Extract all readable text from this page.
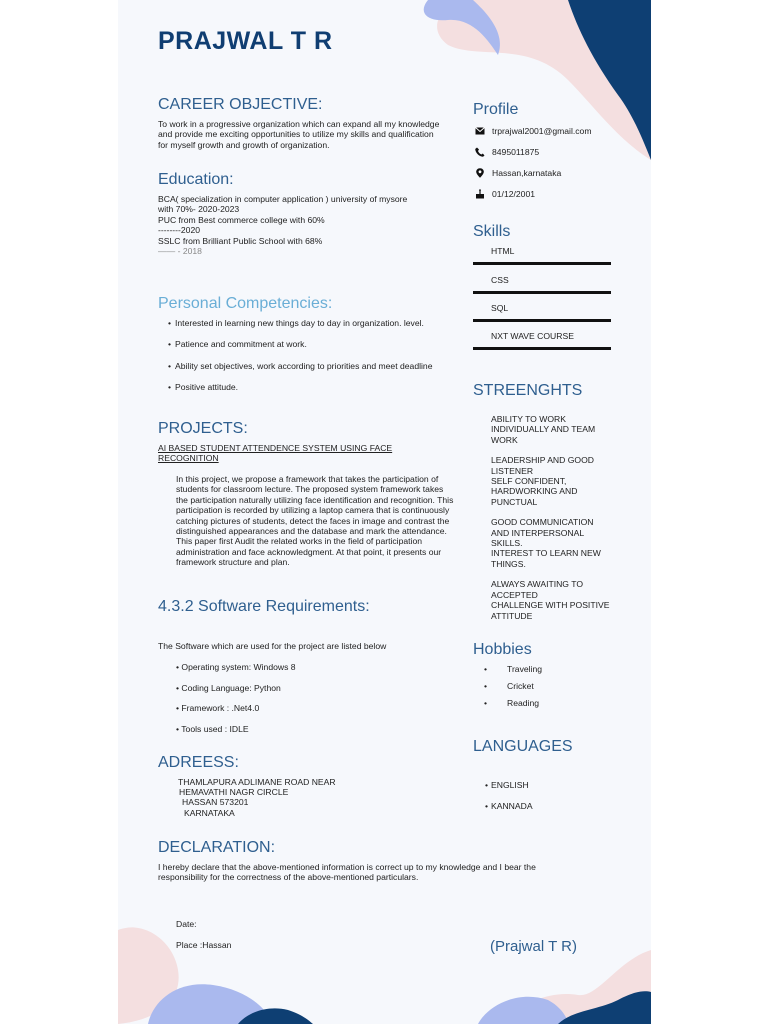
PRAJWAL T R
CAREER OBJECTIVE:
To work in a progressive organization which can expand all my knowledge and provide me exciting opportunities to utilize my skills and qualification for myself growth and growth of organization.
Education:
BCA( specialization in computer application ) university of mysore
with 70%- 2020-2023
PUC from Best commerce college with 60%
--------2020
SSLC from Brilliant Public School with 68%
—— - 2018
Personal Competencies:
• Interested in learning new things day to day in organization. level.
• Patience and commitment at work.
• Ability set objectives, work according to priorities and meet deadline
• Positive attitude.
PROJECTS:
AI BASED STUDENT ATTENDENCE SYSTEM USING FACE RECOGNITION
In this project, we propose a framework that takes the participation of students for classroom lecture. The proposed system framework takes the participation naturally utilizing face identification and recognition. This participation is recorded by utilizing a laptop camera that is continuously catching pictures of students, detect the faces in image and contrast the distinguished appearances and the database and mark the attendance. This paper first Audit the related works in the field of participation administration and face acknowledgment. At that point, it presents our framework structure and plan.
4.3.2 Software Requirements:
The Software which are used for the project are listed below
• Operating system: Windows 8
• Coding Language: Python
• Framework : .Net4.0
• Tools used : IDLE
ADREESS:
THAMLAPURA ADLIMANE ROAD NEAR
HEMAVATHI NAGR CIRCLE
HASSAN 573201
KARNATAKA
DECLARATION:
I hereby declare that the above-mentioned information is correct up to my knowledge and I bear the responsibility for the correctness of the above-mentioned particulars.
Date:
Place :Hassan	(Prajwal T R)
Profile
trprajwal2001@gmail.com
8495011875
Hassan,karnataka
01/12/2001
Skills
HTML
CSS
SQL
NXT WAVE COURSE
STREENGHTS
ABILITY TO WORK
INDIVIDUALLY AND TEAM
WORK
LEADERSHIP AND GOOD
LISTENER
SELF CONFIDENT,
HARDWORKING AND
PUNCTUAL
GOOD COMMUNICATION
AND INTERPERSONAL
SKILLS.
INTEREST TO LEARN NEW
THINGS.
ALWAYS AWAITING TO
ACCEPTED
CHALLENGE WITH POSITIVE
ATTITUDE
Hobbies
• Traveling
• Cricket
• Reading
LANGUAGES
• ENGLISH
• KANNADA
